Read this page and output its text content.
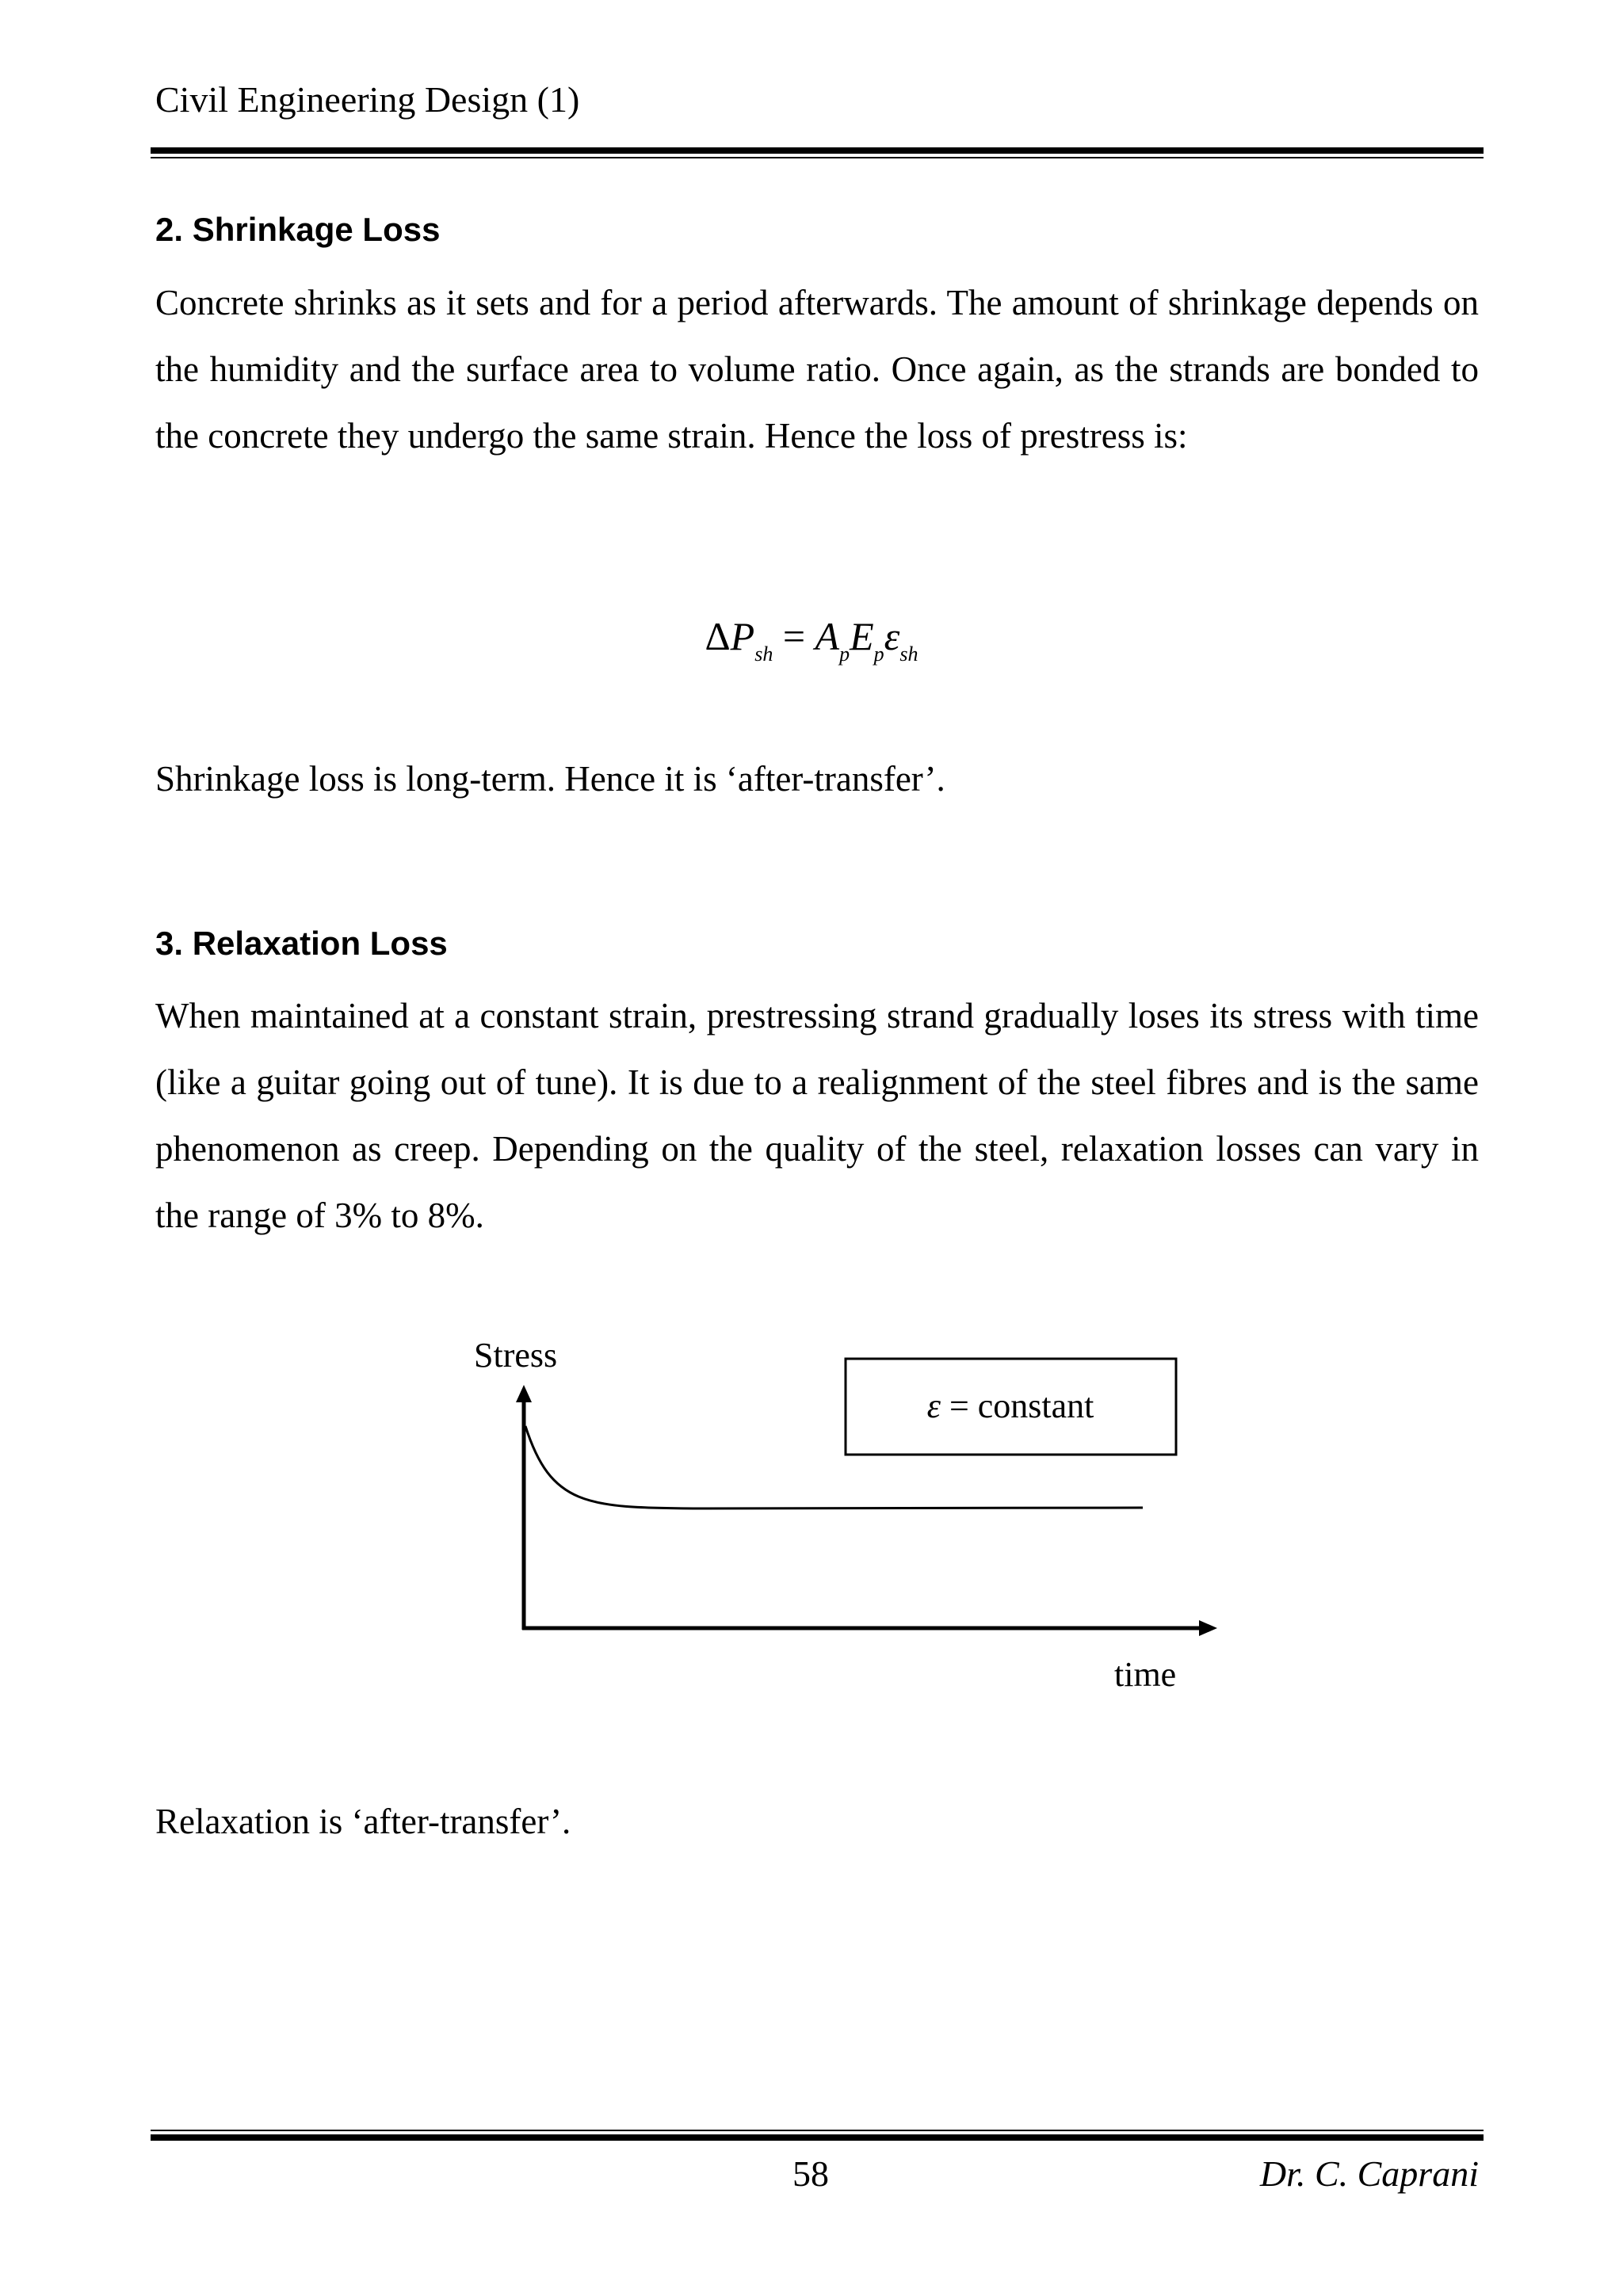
Civil Engineering Design (1)
2. Shrinkage Loss
Concrete shrinks as it sets and for a period afterwards. The amount of shrinkage depends on the humidity and the surface area to volume ratio. Once again, as the strands are bonded to the concrete they undergo the same strain. Hence the loss of prestress is:
$\Delta P_{sh} = A_pE_p\varepsilon_{sh}$
Shrinkage loss is long-term. Hence it is ‘after-transfer’.
3. Relaxation Loss
When maintained at a constant strain, prestressing strand gradually loses its stress with time (like a guitar going out of tune). It is due to a realignment of the steel fibres and is the same phenomenon as creep. Depending on the quality of the steel, relaxation losses can vary in the range of 3% to 8%.
Stress
ε = constant
time
Relaxation is ‘after-transfer’.
58	Dr. C. Caprani
